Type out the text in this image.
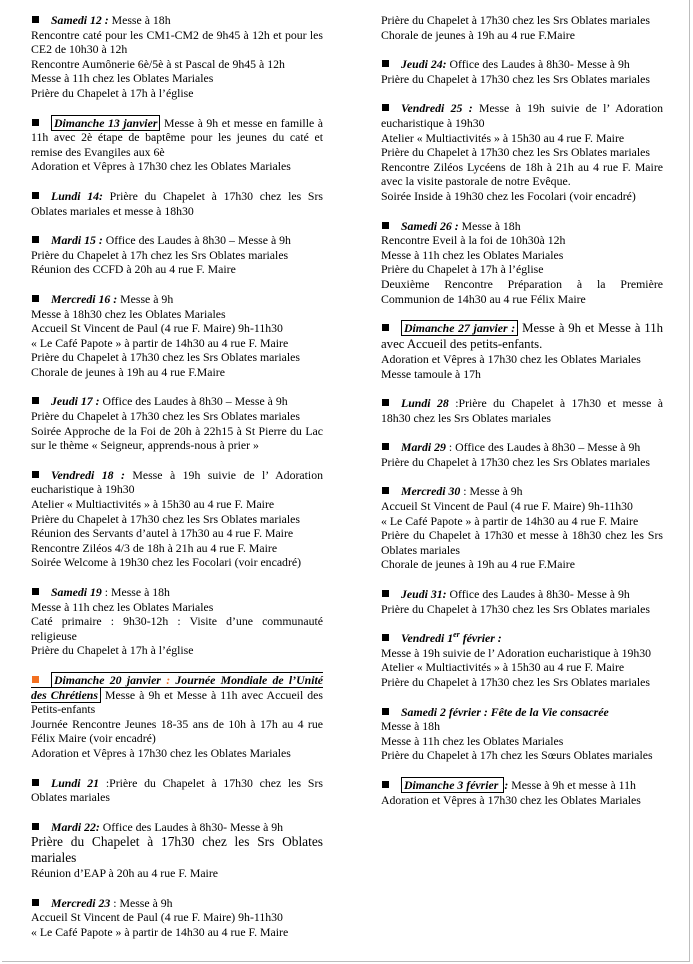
Samedi 12 : Messe à 18h

Rencontre caté pour les CM1-CM2 de 9h45 à 12h et pour les CE2 de 10h30 à 12h

Rencontre Aumônerie 6è/5è à st Pascal de 9h45 à 12h

Messe à 11h chez les Oblates Mariales

Prière du Chapelet à 17h à l’église

Dimanche 13 janvier Messe à 9h et messe en famille à 11h avec 2è étape de baptême pour les jeunes du caté et remise des Evangiles aux 6è

Adoration et Vêpres à 17h30 chez les Oblates Mariales

Lundi 14: Prière du Chapelet à 17h30 chez les Srs Oblates mariales et messe à 18h30

Mardi 15 : Office des Laudes à 8h30 – Messe à 9h

Prière du Chapelet à 17h chez les Srs Oblates mariales

Réunion des CCFD à 20h au 4 rue F. Maire

Mercredi 16 : Messe à 9h

Messe à 18h30 chez les Oblates Mariales

Accueil St Vincent de Paul (4 rue F. Maire) 9h-11h30

« Le Café Papote » à partir de 14h30 au 4 rue F. Maire

Prière du Chapelet à 17h30 chez les Srs Oblates mariales

Chorale de jeunes à 19h au 4 rue F.Maire

Jeudi 17 : Office des Laudes à 8h30 – Messe à 9h

Prière du Chapelet à 17h30 chez les Srs Oblates mariales

Soirée Approche de la Foi de 20h à 22h15 à St Pierre du Lac sur le thème « Seigneur, apprends-nous à prier »

Vendredi 18 : Messe à 19h suivie de l’ Adoration eucharistique à 19h30

Atelier « Multiactivités » à 15h30 au 4 rue F. Maire

Prière du Chapelet à 17h30 chez les Srs Oblates mariales

Réunion des Servants d’autel à 17h30 au 4 rue F. Maire

Rencontre Ziléos 4/3 de 18h à 21h au 4 rue F. Maire

Soirée Welcome à 19h30 chez les Focolari (voir encadré)

Samedi 19 : Messe à 18h

Messe à 11h chez les Oblates Mariales

Caté primaire : 9h30-12h : Visite d’une communauté religieuse

Prière du Chapelet à 17h à l’église

Dimanche 20 janvier : Journée Mondiale de l’Unité des Chrétiens Messe à 9h et Messe à 11h avec Accueil des Petits-enfants

Journée Rencontre Jeunes 18-35 ans de 10h à 17h au 4 rue Félix Maire (voir encadré)

Adoration et Vêpres à 17h30 chez les Oblates Mariales

Lundi 21 :Prière du Chapelet à 17h30 chez les Srs Oblates mariales

Mardi 22: Office des Laudes à 8h30- Messe à 9h

Prière du Chapelet à 17h30 chez les Srs Oblates mariales

Réunion d’EAP à 20h au 4 rue F. Maire

Mercredi 23 : Messe à 9h

Accueil St Vincent de Paul (4 rue F. Maire) 9h-11h30

« Le Café Papote » à partir de 14h30 au 4 rue F. Maire

Prière du Chapelet à 17h30 chez les Srs Oblates mariales

Chorale de jeunes à 19h au 4 rue F.Maire

Jeudi 24: Office des Laudes à 8h30- Messe à 9h

Prière du Chapelet à 17h30 chez les Srs Oblates mariales

Vendredi 25 : Messe à 19h suivie de l’ Adoration eucharistique à 19h30

Atelier « Multiactivités » à 15h30 au 4 rue F. Maire

Prière du Chapelet à 17h30 chez les Srs Oblates mariales

Rencontre Ziléos Lycéens de 18h à 21h au 4 rue F. Maire avec la visite pastorale de notre Evêque.

Soirée Inside à 19h30 chez les Focolari (voir encadré)

Samedi 26 : Messe à 18h

Rencontre Eveil à la foi de 10h30à 12h

Messe à 11h chez les Oblates Mariales

Prière du Chapelet à 17h à l’église

Deuxième Rencontre Préparation à la Première Communion de 14h30 au 4 rue Félix Maire

Dimanche 27 janvier : Messe à 9h et Messe à 11h avec Accueil des petits-enfants.

Adoration et Vêpres à 17h30 chez les Oblates Mariales

Messe tamoule à 17h

Lundi 28 :Prière du Chapelet à 17h30 et messe à 18h30 chez les Srs Oblates mariales

Mardi 29 : Office des Laudes à 8h30 – Messe à 9h

Prière du Chapelet à 17h30 chez les Srs Oblates mariales

Mercredi 30 : Messe à 9h

Accueil St Vincent de Paul (4 rue F. Maire) 9h-11h30

« Le Café Papote » à partir de 14h30 au 4 rue F. Maire

Prière du Chapelet à 17h30 et messe à 18h30 chez les Srs Oblates mariales

Chorale de jeunes à 19h au 4 rue F.Maire

Jeudi 31: Office des Laudes à 8h30- Messe à 9h

Prière du Chapelet à 17h30 chez les Srs Oblates mariales

Vendredi 1er février :

Messe à 19h suivie de l’ Adoration eucharistique à 19h30

Atelier « Multiactivités » à 15h30 au 4 rue F. Maire

Prière du Chapelet à 17h30 chez les Srs Oblates mariales

Samedi 2 février : Fête de la Vie consacrée

Messe à 18h

Messe à 11h chez les Oblates Mariales

Prière du Chapelet à 17h chez les Sœurs Oblates mariales

Dimanche 3 février : Messe à 9h et messe à 11h

Adoration et Vêpres à 17h30 chez les Oblates Mariales
